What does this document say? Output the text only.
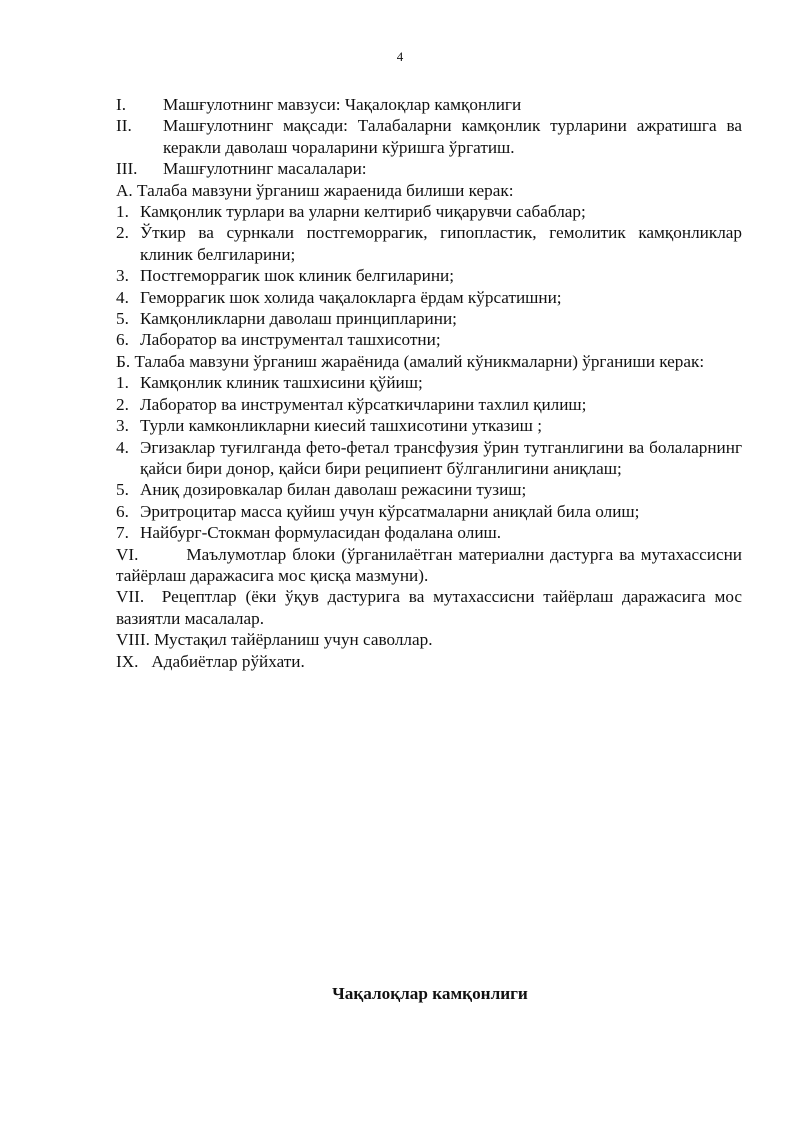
4
I. Машғулотнинг мавзуси: Чақалоқлар камқонлиги
II. Машғулотнинг мақсади: Талабаларни камқонлик турларини ажратишга ва керакли даволаш чораларини кўришга ўргатиш.
III. Машғулотнинг масалалари:
А. Талаба мавзуни ўрганиш жараенида билиши керак:
1. Камқонлик турлари ва уларни келтириб чиқарувчи сабаблар;
2. Ўткир ва сурнкали постгеморрагик, гипопластик, гемолитик камқонликлар клиник белгиларини;
3. Постгеморрагик шок клиник белгиларини;
4. Геморрагик шок холида чақалокларга ёрдам кўрсатишни;
5. Камқонликларни даволаш принципларини;
6. Лаборатор ва инструментал ташхисотни;
Б. Талаба мавзуни ўрганиш жараёнида (амалий кўникмаларни) ўрганиши керак:
1. Камқонлик клиник ташхисини қўйиш;
2. Лаборатор ва инструментал кўрсаткичларини тахлил қилиш;
3. Турли камконликларни киесий ташхисотини утказиш ;
4. Эгизаклар туғилганда фето-фетал трансфузия ўрин тутганлигини ва болаларнинг қайси бири донор, қайси бири реципиент бўлганлигини аниқлаш;
5. Аниқ дозировкалар билан даволаш режасини тузиш;
6. Эритроцитар масса қуйиш учун кўрсатмаларни аниқлай била олиш;
7. Найбург-Стокман формуласидан фодалана олиш.
VI.        Маълумотлар блоки (ўрганилаётган материални дастурга ва мутахассисни тайёрлаш даражасига мос қисқа мазмуни).
VII.  Рецептлар (ёки ўқув дастурига ва мутахассисни тайёрлаш даражасига мос вазиятли масалалар.
VIII. Мустақил тайёрланиш учун саволлар.
IX.   Адабиётлар рўйхати.
Чақалоқлар камқонлиги
